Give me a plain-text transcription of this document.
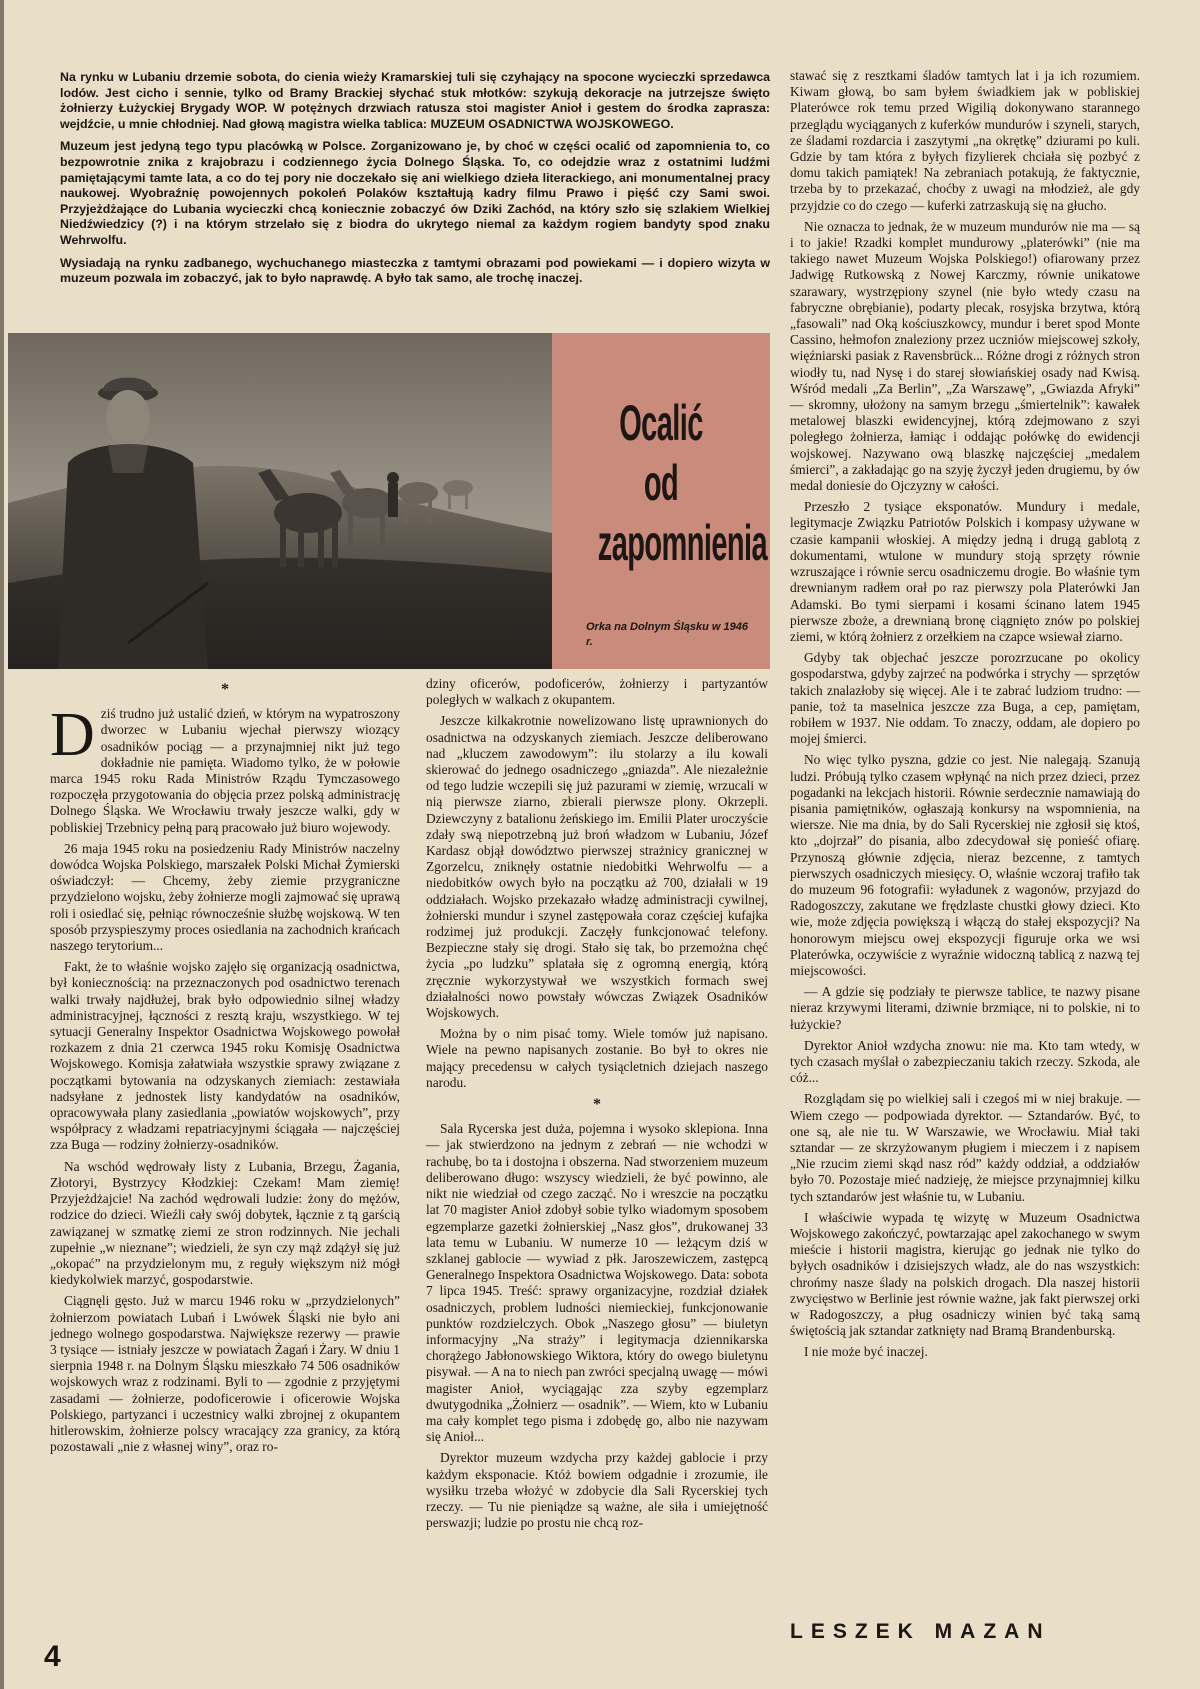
Na rynku w Lubaniu drzemie sobota, do cienia wieży Kramarskiej tuli się czyhający na spoconе wycieczki sprzedawca lodów. Jest cicho i sennie, tylko od Bramy Brackiej słychać stuk młotków: szykują dekoracje na jutrzejsze święto żołnierzy Łużyckiej Brygady WOP. W potężnych drzwiach ratusza stoi magister Anioł i gestem do środka zaprasza: wejdźcie, u mnie chłodniej. Nad głową magistra wielka tablica: MUZEUM OSADNICTWA WOJSKOWEGO.

Muzeum jest jedyną tego typu placówką w Polsce. Zorganizowano je, by choć w części ocalić od zapomnienia to, co bezpowrotnie znika z krajobrazu i codziennego życia Dolnego Śląska. To, co odejdzie wraz z ostatnimi ludźmi pamiętającymi tamte lata, a co do tej pory nie doczekało się ani wielkiego dzieła literackiego, ani monumentalnej pracy naukowej. Wyobraźnię powojennych pokoleń Polaków kształtują kadry filmu Prawo i pięść czy Sami swoi. Przyjeżdżające do Lubania wycieczki chcą koniecznie zobaczyć ów Dziki Zachód, na który szło się szlakiem Wielkiej Niedźwiedzicy (?) i na którym strzelało się z biodra do ukrytego niemal za każdym rogiem bandyty spod znaku Wehrwolfu.

Wysiadają na rynku zadbanego, wychuchanego miasteczka z tamtymi obrazami pod powiekami — i dopiero wizyta w muzeum pozwala im zobaczyć, jak to było naprawdę. A było tak samo, ale trochę inaczej.

Ocalić
od
zapomnienia
Orka na Dolnym Śląsku w 1946 r.
*

Dziś trudno już ustalić dzień, w którym na wypatroszony dworzec w Lubaniu wjechał pierwszy wiozący osadników pociąg — a przynajmniej nikt już tego dokładnie nie pamięta. Wiadomo tylko, że w połowie marca 1945 roku Rada Ministrów Rządu Tymczasowego rozpoczęła przygotowania do objęcia przez polską administrację Dolnego Śląska. We Wrocławiu trwały jeszcze walki, gdy w pobliskiej Trzebnicy pełną parą pracowało już biuro wojewody.

26 maja 1945 roku na posiedzeniu Rady Ministrów naczelny dowódca Wojska Polskiego, marszałek Polski Michał Żymierski oświadczył: — Chcemy, żeby ziemie przygraniczne przydzielono wojsku, żeby żołnierze mogli zajmować się uprawą roli i osiedlać się, pełniąc równocześnie służbę wojskową. W ten sposób przyspieszymy proces osiedlania na zachodnich krańcach naszego terytorium...

Fakt, że to właśnie wojsko zajęło się organizacją osadnictwa, był koniecznością: na przeznaczonych pod osadnictwo terenach walki trwały najdłużej, brak było odpowiednio silnej władzy administracyjnej, łączności z resztą kraju, wszystkiego. W tej sytuacji Generalny Inspektor Osadnictwa Wojskowego powołał rozkazem z dnia 21 czerwca 1945 roku Komisję Osadnictwa Wojskowego. Komisja załatwiała wszystkie sprawy związane z początkami bytowania na odzyskanych ziemiach: zestawiała nadsyłane z jednostek listy kandydatów na osadników, opracowywała plany zasiedlania „powiatów wojskowych”, przy współpracy z władzami repatriacyjnymi ściągała — najczęściej zza Buga — rodziny żołnierzy-osadników.

Na wschód wędrowały listy z Lubania, Brzegu, Żagania, Złotoryi, Bystrzycy Kłodzkiej: Czekam! Mam ziemię! Przyjeżdżajcie! Na zachód wędrowali ludzie: żony do mężów, rodzice do dzieci. Wieźli cały swój dobytek, łącznie z tą garścią zawiązanej w szmatkę ziemi ze stron rodzinnych. Nie jechali zupełnie „w nieznane”; wiedzieli, że syn czy mąż zdążył się już „okopać” na przydzielonym mu, z reguły większym niż mógł kiedykolwiek marzyć, gospodarstwie.

Ciągnęli gęsto. Już w marcu 1946 roku w „przydzielonych” żołnierzom powiatach Lubań i Lwówek Śląski nie było ani jednego wolnego gospodarstwa. Największe rezerwy — prawie 3 tysiące — istniały jeszcze w powiatach Żagań i Żary. W dniu 1 sierpnia 1948 r. na Dolnym Śląsku mieszkało 74 506 osadników wojskowych wraz z rodzinami. Byli to — zgodnie z przyjętymi zasadami — żołnierze, podoficerowie i oficerowie Wojska Polskiego, partyzanci i uczestnicy walki zbrojnej z okupantem hitlerowskim, żołnierze polscy wracający zza granicy, za którą pozostawali „nie z własnej winy”, oraz ro-

dziny oficerów, podoficerów, żołnierzy i partyzantów poległych w walkach z okupantem.

Jeszcze kilkakrotnie nowelizowano listę uprawnionych do osadnictwa na odzyskanych ziemiach. Jeszcze deliberowano nad „kluczem zawodowym”: ilu stolarzy a ilu kowali skierować do jednego osadniczego „gniazda”. Ale niezależnie od tego ludzie wczepili się już pazurami w ziemię, wrzucali w nią pierwsze ziarno, zbierali pierwsze plony. Okrzepli. Dziewczyny z batalionu żeńskiego im. Emilii Plater uroczyście zdały swą niepotrzebną już broń władzom w Lubaniu, Józef Kardasz objął dowództwo pierwszej strażnicy granicznej w Zgorzelcu, zniknęły ostatnie niedobitki Wehrwolfu — a niedobitków owych było na początku aż 700, działali w 19 oddziałach. Wojsko przekazało władzę administracji cywilnej, żołnierski mundur i szynel zastępowała coraz częściej kufajka rodzimej już produkcji. Zaczęły funkcjonować telefony. Bezpieczne stały się drogi. Stało się tak, bo przemożna chęć życia „po ludzku” splatała się z ogromną energią, którą zręcznie wykorzystywał we wszystkich formach swej działalności nowo powstały wówczas Związek Osadników Wojskowych.

Można by o nim pisać tomy. Wiele tomów już napisano. Wiele na pewno napisanych zostanie. Bo był to okres nie mający precedensu w całych tysiącletnich dziejach naszego narodu.

*

Sala Rycerska jest duża, pojemna i wysoko sklepiona. Inna — jak stwierdzono na jednym z zebrań — nie wchodzi w rachubę, bo ta i dostojna i obszerna. Nad stworzeniem muzeum deliberowano długo: wszyscy wiedzieli, że być powinno, ale nikt nie wiedział od czego zacząć. No i wreszcie na początku lat 70 magister Anioł zdobył sobie tylko wiadomym sposobem egzemplarze gazetki żołnierskiej „Nasz głos”, drukowanej 33 lata temu w Lubaniu. W numerze 10 — leżącym dziś w szklanej gablocie — wywiad z płk. Jaroszewiczem, zastępcą Generalnego Inspektora Osadnictwa Wojskowego. Data: sobota 7 lipca 1945. Treść: sprawy organizacyjne, rozdział działek osadniczych, problem ludności niemieckiej, funkcjonowanie punktów rozdzielczych. Obok „Naszego głosu” — biuletyn informacyjny „Na straży” i legitymacja dziennikarska chorążego Jabłonowskiego Wiktora, który do owego biuletynu pisywał. — A na to niech pan zwróci specjalną uwagę — mówi magister Anioł, wyciągając zza szyby egzemplarz dwutygodnika „Żołnierz — osadnik”. — Wiem, kto w Lubaniu ma cały komplet tego pisma i zdobędę go, albo nie nazywam się Anioł...

Dyrektor muzeum wzdycha przy każdej gablocie i przy każdym eksponacie. Któż bowiem odgadnie i zrozumie, ile wysiłku trzeba włożyć w zdobycie dla Sali Rycerskiej tych rzeczy. — Tu nie pieniądze są ważne, ale siła i umiejętność perswazji; ludzie po prostu nie chcą roz-

stawać się z resztkami śladów tamtych lat i ja ich rozumiem. Kiwam głową, bo sam byłem świadkiem jak w pobliskiej Platerówce rok temu przed Wigilią dokonywano starannego przeglądu wyciąganych z kuferków mundurów i szyneli, starych, ze śladami rozdarcia i zaszytymi „na okrętkę” dziurami po kuli. Gdzie by tam która z byłych fizylierek chciała się pozbyć z domu takich pamiątek! Na zebraniach potakują, że faktycznie, trzeba by to przekazać, choćby z uwagi na młodzież, ale gdy przyjdzie co do czego — kuferki zatrzaskują się na głucho.

Nie oznacza to jednak, że w muzeum mundurów nie ma — są i to jakie! Rzadki komplet mundurowy „platerówki” (nie ma takiego nawet Muzeum Wojska Polskiego!) ofiarowany przez Jadwigę Rutkowską z Nowej Karczmy, równie unikatowe szarawary, wystrzępiony szynel (nie było wtedy czasu na fabryczne obrębianie), podarty plecak, rosyjska brzytwa, którą „fasowali” nad Oką kościuszkowcy, mundur i beret spod Monte Cassino, hełmofon znaleziony przez uczniów miejscowej szkoły, więźniarski pasiak z Ravensbrück... Różne drogi z różnych stron wiodły tu, nad Nysę i do starej słowiańskiej osady nad Kwisą. Wśród medali „Za Berlin”, „Za Warszawę”, „Gwiazda Afryki” — skromny, ułożony na samym brzegu „śmiertelnik”: kawałek metalowej blaszki ewidencyjnej, którą zdejmowano z szyi poległego żołnierza, łamiąc i oddając połówkę do ewidencji wojskowej. Nazywano ową blaszkę najczęściej „medalem śmierci”, a zakładając go na szyję życzył jeden drugiemu, by ów medal doniesie do Ojczyzny w całości.

Przeszło 2 tysiące eksponatów. Mundury i medale, legitymacje Związku Patriotów Polskich i kompasy używane w czasie kampanii włoskiej. A między jedną i drugą gablotą z dokumentami, wtulone w mundury stoją sprzęty równie wzruszające i równie sercu osadniczemu drogie. Bo właśnie tym drewnianym radłem orał po raz pierwszy pola Platerówki Jan Adamski. Bo tymi sierpami i kosami ścinano latem 1945 pierwsze zboże, a drewnianą bronę ciągnięto znów po polskiej ziemi, w którą żołnierz z orzełkiem na czapce wsiewał ziarno.

Gdyby tak objechać jeszcze porozrzucane po okolicy gospodarstwa, gdyby zajrzeć na podwórka i strychy — sprzętów takich znalazłoby się więcej. Ale i te zabrać ludziom trudno: — panie, toż ta maselnica jeszcze zza Buga, a cep, pamiętam, robiłem w 1937. Nie oddam. To znaczy, oddam, ale dopiero po mojej śmierci.

No więc tylko pyszna, gdzie co jest. Nie nalegają. Szanują ludzi. Próbują tylko czasem wpłynąć na nich przez dzieci, przez pogadanki na lekcjach historii. Równie serdecznie namawiają do pisania pamiętników, ogłaszają konkursy na wspomnienia, na wiersze. Nie ma dnia, by do Sali Rycerskiej nie zgłosił się ktoś, kto „dojrzał” do pisania, albo zdecydował się ponieść ofiarę. Przynoszą głównie zdjęcia, nieraz bezcenne, z tamtych pierwszych osadniczych miesięcy. O, właśnie wczoraj trafiło tak do muzeum 96 fotografii: wyładunek z wagonów, przyjazd do Radogoszczy, zakutane we frędzlaste chustki głowy dzieci. Kto wie, może zdjęcia powiększą i włączą do stałej ekspozycji? Na honorowym miejscu owej ekspozycji figuruje orka we wsi Platerówka, oczywiście z wyraźnie widoczną tablicą z nazwą tej miejscowości.

— A gdzie się podziały te pierwsze tablice, te nazwy pisane nieraz krzywymi literami, dziwnie brzmiące, ni to polskie, ni to łużyckie?

Dyrektor Anioł wzdycha znowu: nie ma. Kto tam wtedy, w tych czasach myślał o zabezpieczaniu takich rzeczy. Szkoda, ale cóż...

Rozglądam się po wielkiej sali i czegoś mi w niej brakuje. — Wiem czego — podpowiada dyrektor. — Sztandarów. Być, to one są, ale nie tu. W Warszawie, we Wrocławiu. Miał taki sztandar — ze skrzyżowanym pługiem i mieczem i z napisem „Nie rzucim ziemi skąd nasz ród” każdy oddział, a oddziałów było 70. Pozostaje mieć nadzieję, że miejsce przynajmniej kilku tych sztandarów jest właśnie tu, w Lubaniu.

I właściwie wypada tę wizytę w Muzeum Osadnictwa Wojskowego zakończyć, powtarzając apel zakochanego w swym mieście i historii magistra, kierując go jednak nie tylko do byłych osadników i dzisiejszych władz, ale do nas wszystkich: chrońmy nasze ślady na polskich drogach. Dla naszej historii zwycięstwo w Berlinie jest równie ważne, jak fakt pierwszej orki w Radogoszczy, a pług osadniczy winien być taką samą świętością jak sztandar zatknięty nad Bramą Brandenburską.

I nie może być inaczej.

LESZEK MAZAN
4
